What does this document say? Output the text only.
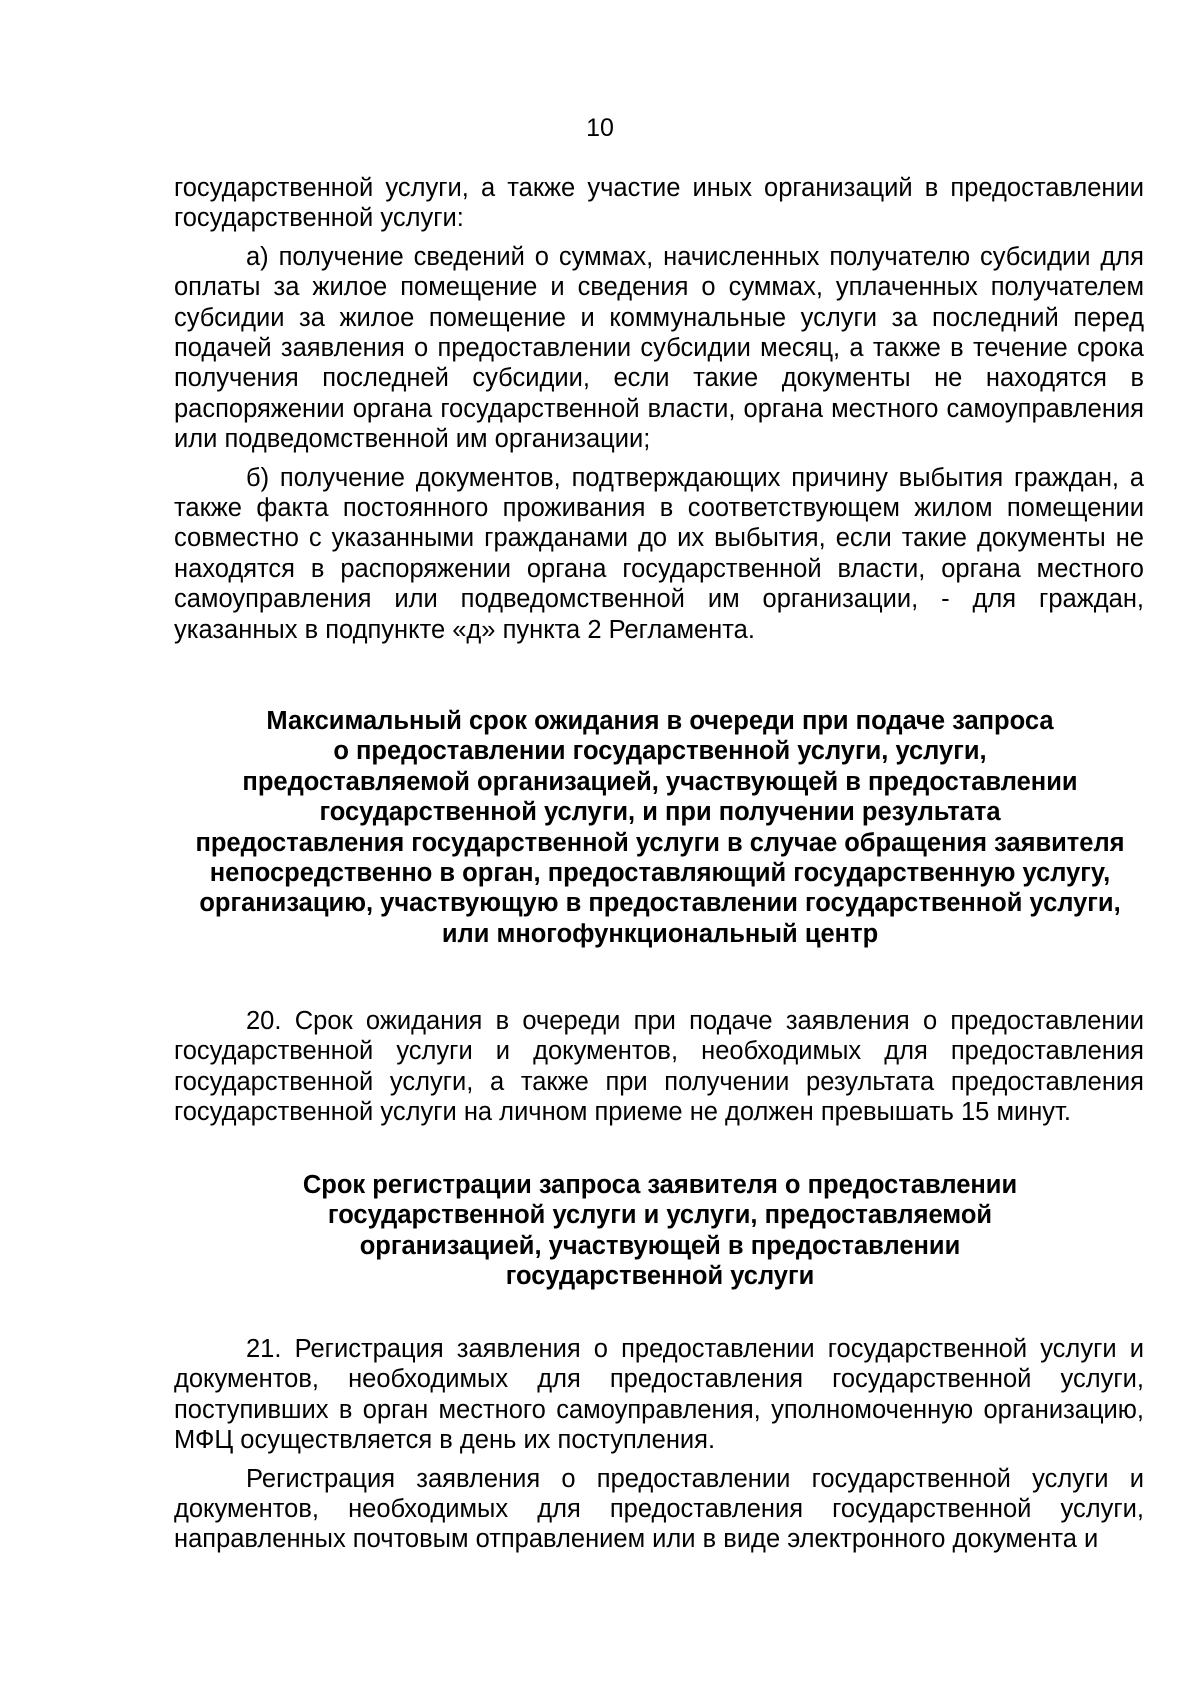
10

государственной услуги, а также участие иных организаций в предоставлении государственной услуги:

а) получение сведений о суммах, начисленных получателю субсидии для оплаты за жилое помещение и сведения о суммах, уплаченных получателем субсидии за жилое помещение и коммунальные услуги за последний перед подачей заявления о предоставлении субсидии месяц, а также в течение срока получения последней субсидии, если такие документы не находятся в распоряжении органа государственной власти, органа местного самоуправления или подведомственной им организации;

б) получение документов, подтверждающих причину выбытия граждан, а также факта постоянного проживания в соответствующем жилом помещении совместно с указанными гражданами до их выбытия, если такие документы не находятся в распоряжении органа государственной власти, органа местного самоуправления или подведомственной им организации, - для граждан, указанных в подпункте «д» пункта 2 Регламента.

Максимальный срок ожидания в очереди при подаче запроса
о предоставлении государственной услуги, услуги,
предоставляемой организацией, участвующей в предоставлении
государственной услуги, и при получении результата
предоставления государственной услуги в случае обращения заявителя
непосредственно в орган, предоставляющий государственную услугу,
организацию, участвующую в предоставлении государственной услуги,
или многофункциональный центр

20. Срок ожидания в очереди при подаче заявления о предоставлении государственной услуги и документов, необходимых для предоставления государственной услуги, а также при получении результата предоставления государственной услуги на личном приеме не должен превышать 15 минут.

Срок регистрации запроса заявителя о предоставлении
государственной услуги и услуги, предоставляемой
организацией, участвующей в предоставлении
государственной услуги

21. Регистрация заявления о предоставлении государственной услуги и документов, необходимых для предоставления государственной услуги, поступивших в орган местного самоуправления, уполномоченную организацию, МФЦ осуществляется в день их поступления.

Регистрация заявления о предоставлении государственной услуги и документов, необходимых для предоставления государственной услуги, направленных почтовым отправлением или в виде электронного документа и
